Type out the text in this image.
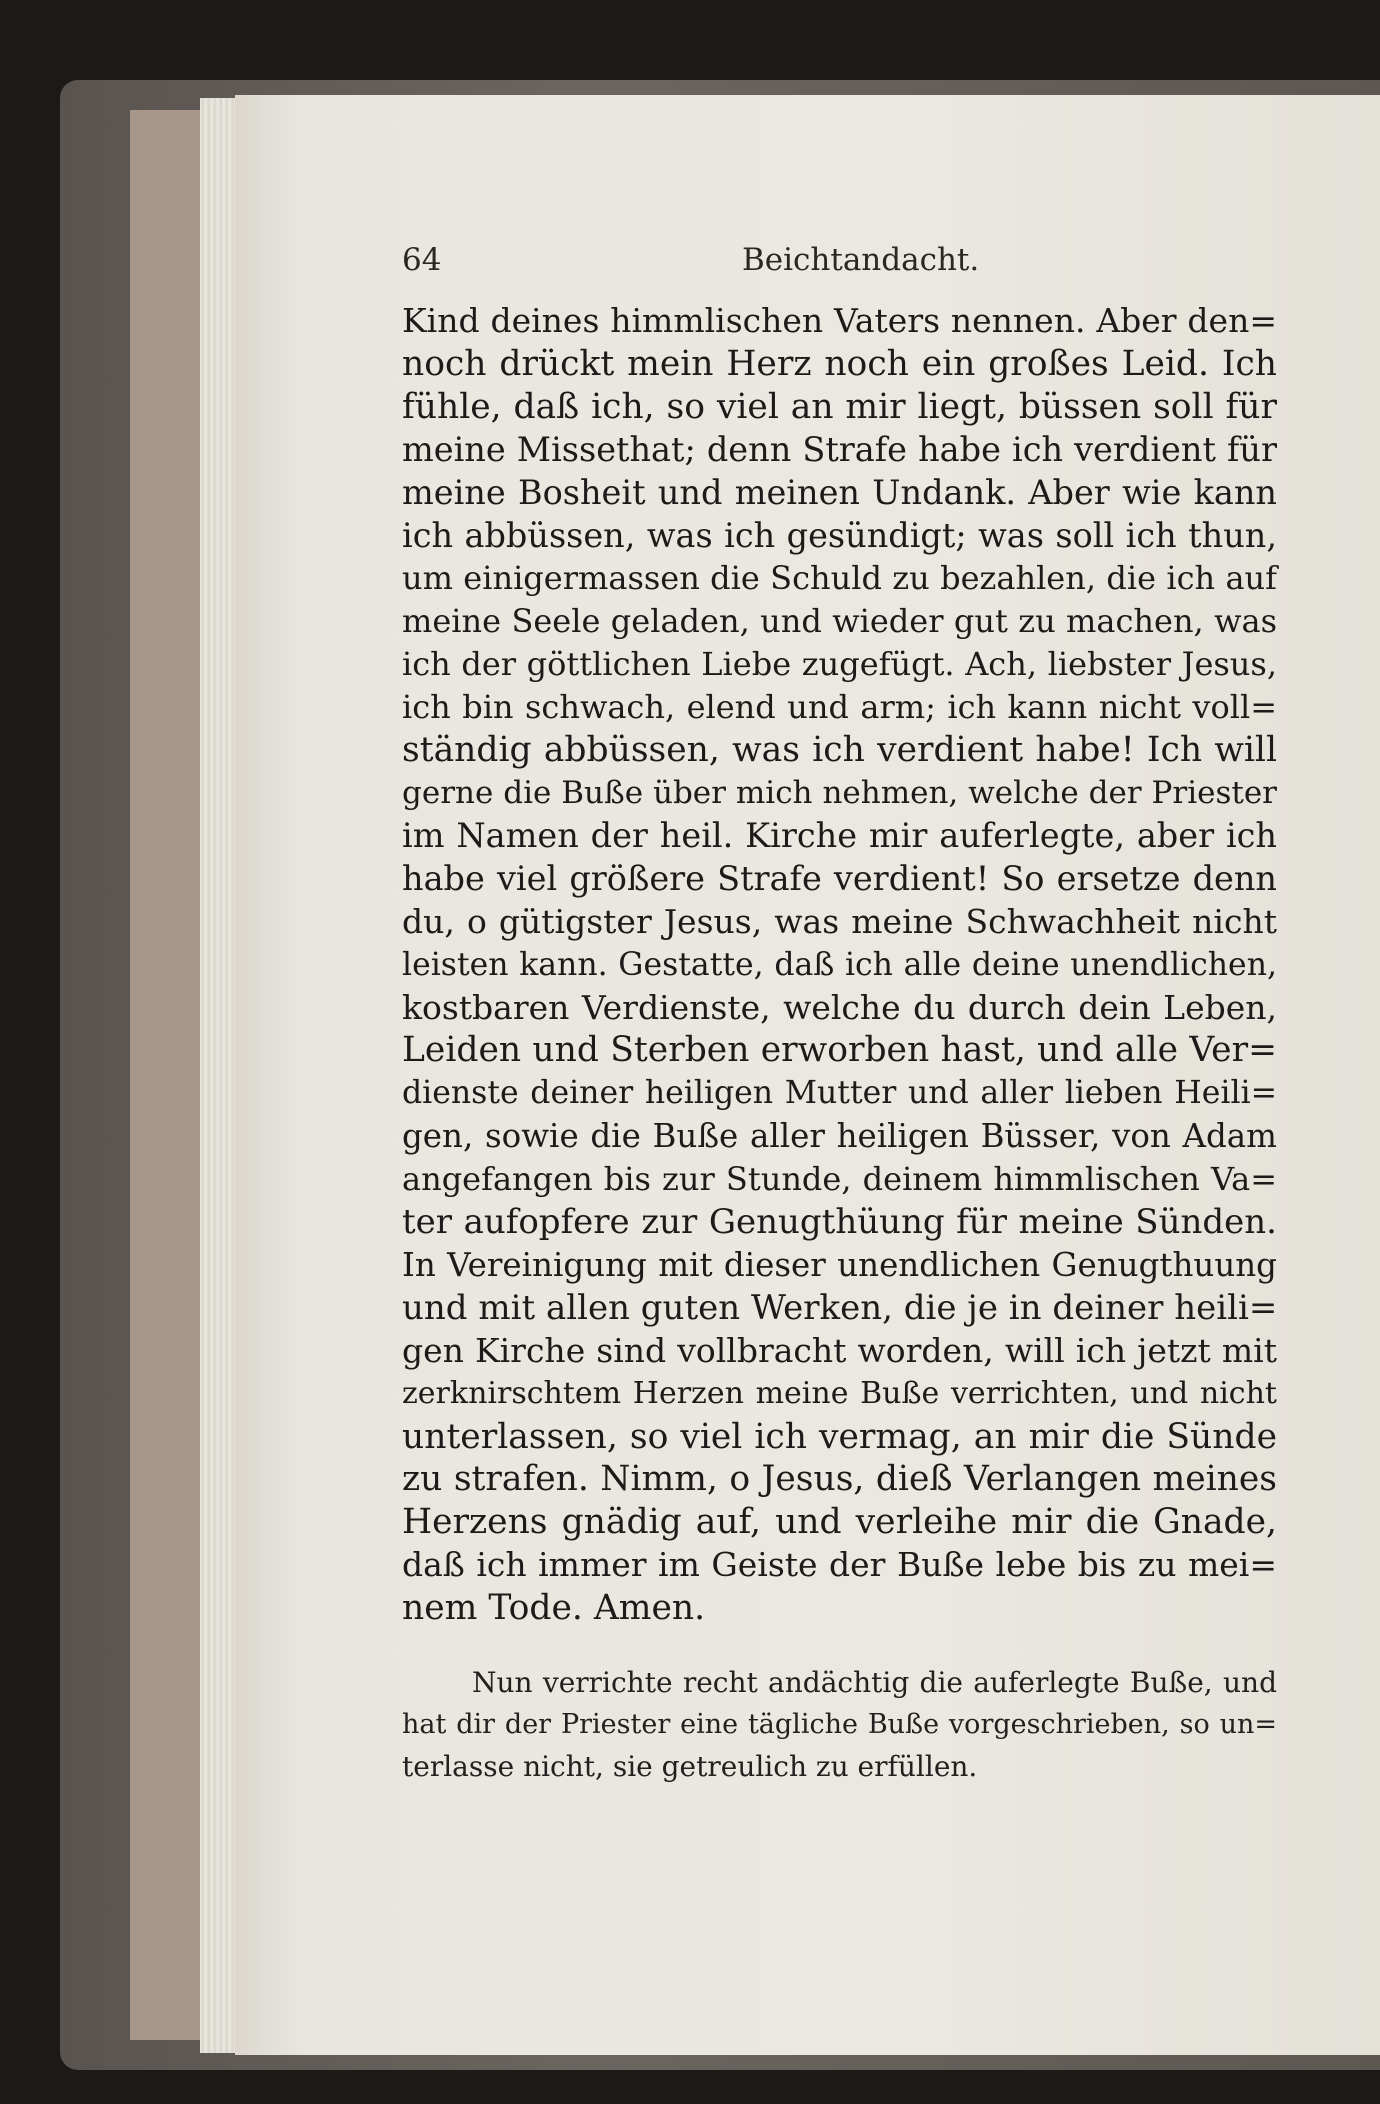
64	Beichtandacht.
Kind deines himmlischen Vaters nennen. Aber den=
noch drückt mein Herz noch ein großes Leid. Ich
fühle, daß ich, so viel an mir liegt, büssen soll für
meine Missethat; denn Strafe habe ich verdient für
meine Bosheit und meinen Undank. Aber wie kann
ich abbüssen, was ich gesündigt; was soll ich thun,
um einigermassen die Schuld zu bezahlen, die ich auf
meine Seele geladen, und wieder gut zu machen, was
ich der göttlichen Liebe zugefügt. Ach, liebster Jesus,
ich bin schwach, elend und arm; ich kann nicht voll=
ständig abbüssen, was ich verdient habe! Ich will
gerne die Buße über mich nehmen, welche der Priester
im Namen der heil. Kirche mir auferlegte, aber ich
habe viel größere Strafe verdient! So ersetze denn
du, o gütigster Jesus, was meine Schwachheit nicht
leisten kann. Gestatte, daß ich alle deine unendlichen,
kostbaren Verdienste, welche du durch dein Leben,
Leiden und Sterben erworben hast, und alle Ver=
dienste deiner heiligen Mutter und aller lieben Heili=
gen, sowie die Buße aller heiligen Büsser, von Adam
angefangen bis zur Stunde, deinem himmlischen Va=
ter aufopfere zur Genugthüung für meine Sünden.
In Vereinigung mit dieser unendlichen Genugthuung
und mit allen guten Werken, die je in deiner heili=
gen Kirche sind vollbracht worden, will ich jetzt mit
zerknirschtem Herzen meine Buße verrichten, und nicht
unterlassen, so viel ich vermag, an mir die Sünde
zu strafen. Nimm, o Jesus, dieß Verlangen meines
Herzens gnädig auf, und verleihe mir die Gnade,
daß ich immer im Geiste der Buße lebe bis zu mei=
nem Tode. Amen.
Nun verrichte recht andächtig die auferlegte Buße, und
hat dir der Priester eine tägliche Buße vorgeschrieben, so un=
terlasse nicht, sie getreulich zu erfüllen.
